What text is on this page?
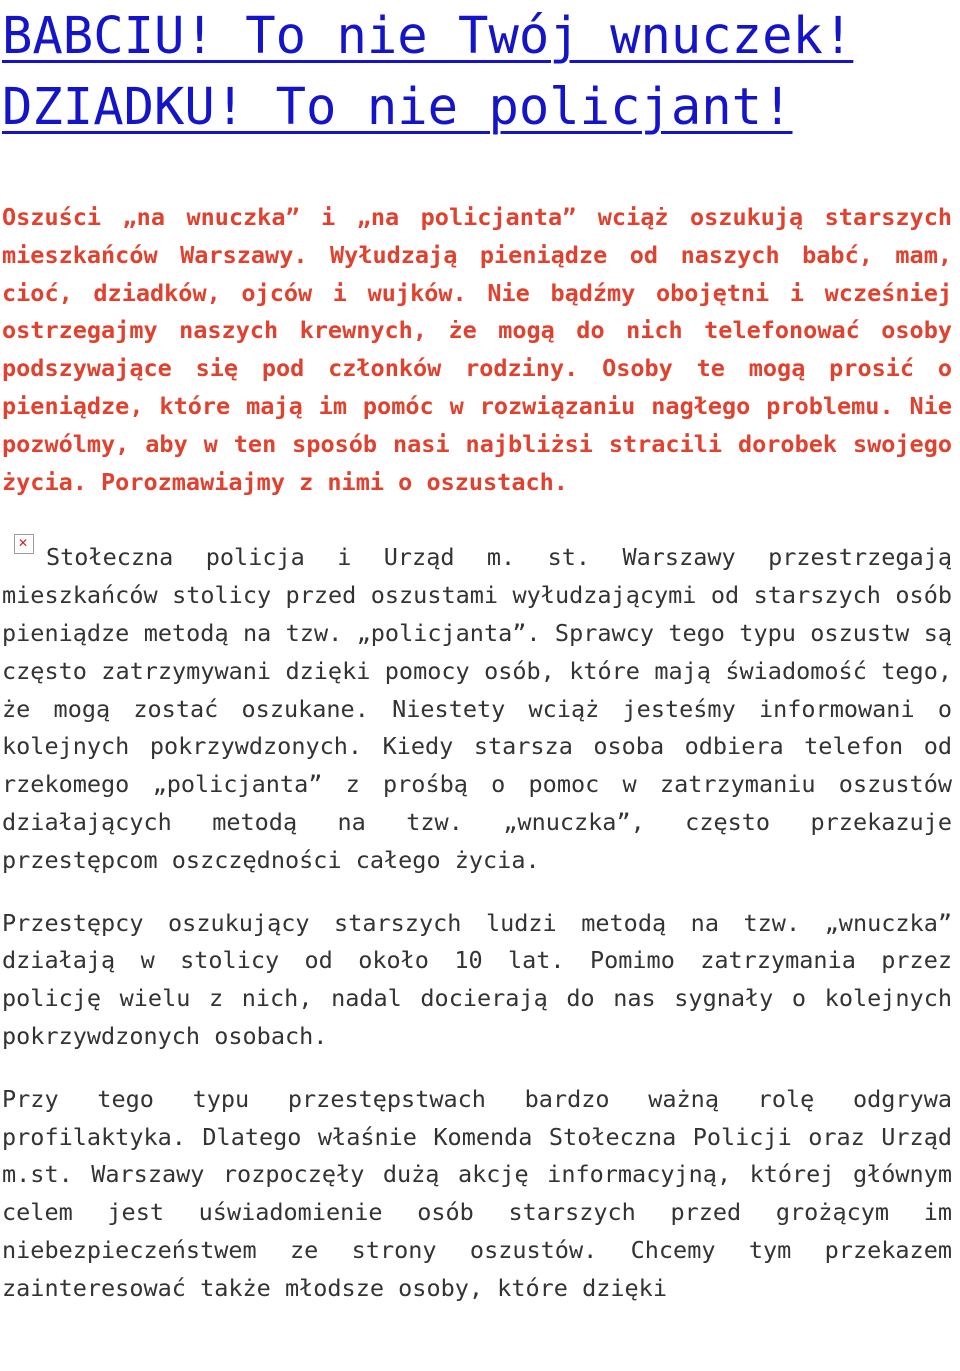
BABCIU! To nie Twój wnuczek! DZIADKU! To nie policjant!

Oszuści „na wnuczka” i „na policjanta” wciąż oszukują starszych mieszkańców Warszawy. Wyłudzają pieniądze od naszych babć, mam, cioć, dziadków, ojców i wujków. Nie bądźmy obojętni i wcześniej ostrzegajmy naszych krewnych, że mogą do nich telefonować osoby podszywające się pod członków rodziny. Osoby te mogą prosić o pieniądze, które mają im pomóc w rozwiązaniu nagłego problemu. Nie pozwólmy, aby w ten sposób nasi najbliżsi stracili dorobek swojego życia. Porozmawiajmy z nimi o oszustach.

✕ Stołeczna policja i Urząd m. st. Warszawy przestrzegają mieszkańców stolicy przed oszustami wyłudzającymi od starszych osób pieniądze metodą na tzw. „policjanta”. Sprawcy tego typu oszustw są często zatrzymywani dzięki pomocy osób, które mają świadomość tego, że mogą zostać oszukane. Niestety wciąż jesteśmy informowani o kolejnych pokrzywdzonych. Kiedy starsza osoba odbiera telefon od rzekomego „policjanta” z prośbą o pomoc w zatrzymaniu oszustów działających metodą na tzw. „wnuczka”, często przekazuje przestępcom oszczędności całego życia.

Przestępcy oszukujący starszych ludzi metodą na tzw. „wnuczka” działają w stolicy od około 10 lat. Pomimo zatrzymania przez policję wielu z nich, nadal docierają do nas sygnały o kolejnych pokrzywdzonych osobach.

Przy tego typu przestępstwach bardzo ważną rolę odgrywa profilaktyka. Dlatego właśnie Komenda Stołeczna Policji oraz Urząd m.st. Warszawy rozpoczęły dużą akcję informacyjną, której głównym celem jest uświadomienie osób starszych przed grożącym im niebezpieczeństwem ze strony oszustów. Chcemy tym przekazem zainteresować także młodsze osoby, które dzięki
